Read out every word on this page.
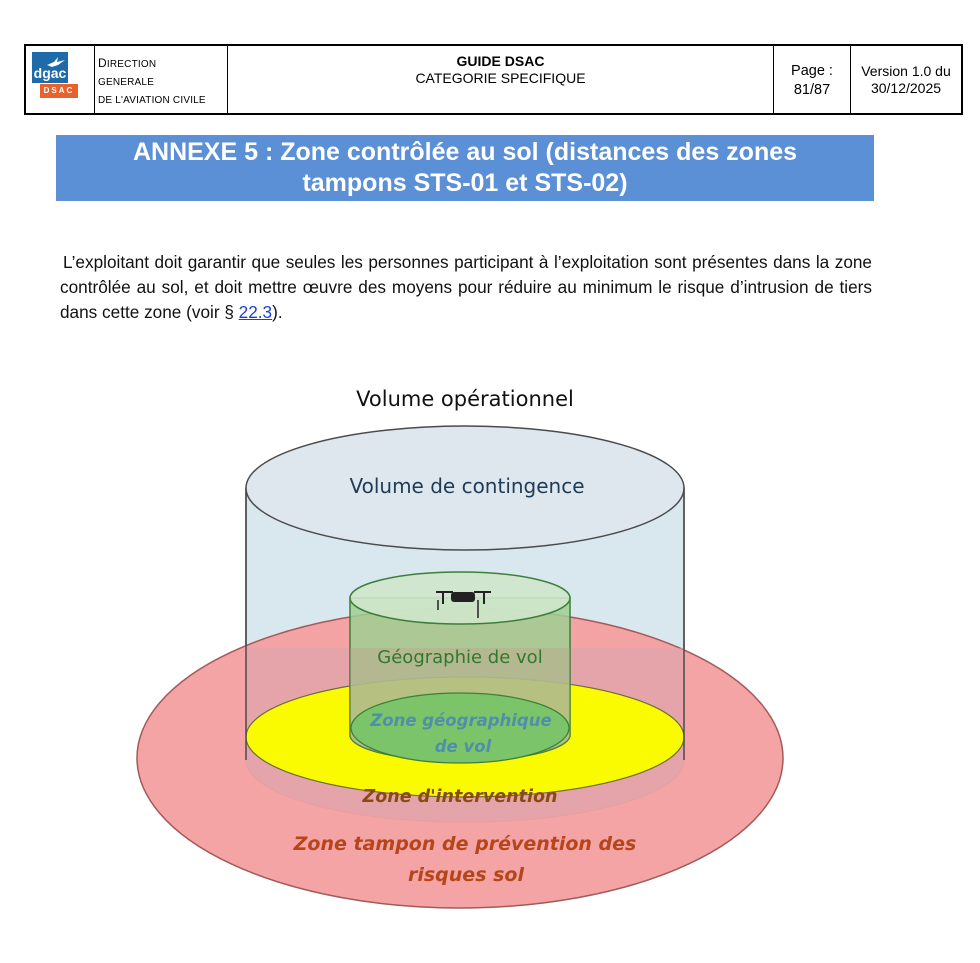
dgac
DSAC
DIRECTION
GENERALE
DE L'AVIATION CIVILE
GUIDE DSAC
CATEGORIE SPECIFIQUE	Page :
81/87
Version 1.0 du
30/12/2025
ANNEXE 5 : Zone contrôlée au sol (distances des zones
tampons STS-01 et STS-02)
L’exploitant doit garantir que seules les personnes participant à l’exploitation sont présentes dans la zone contrôlée au sol, et doit mettre œuvre des moyens pour réduire au minimum le risque d’intrusion de tiers dans cette zone (voir § 22.3).
Volume opérationnel
Volume de contingence
Géographie de vol
Zone géographique
de vol
Zone d'intervention
Zone tampon de prévention des
risques sol
